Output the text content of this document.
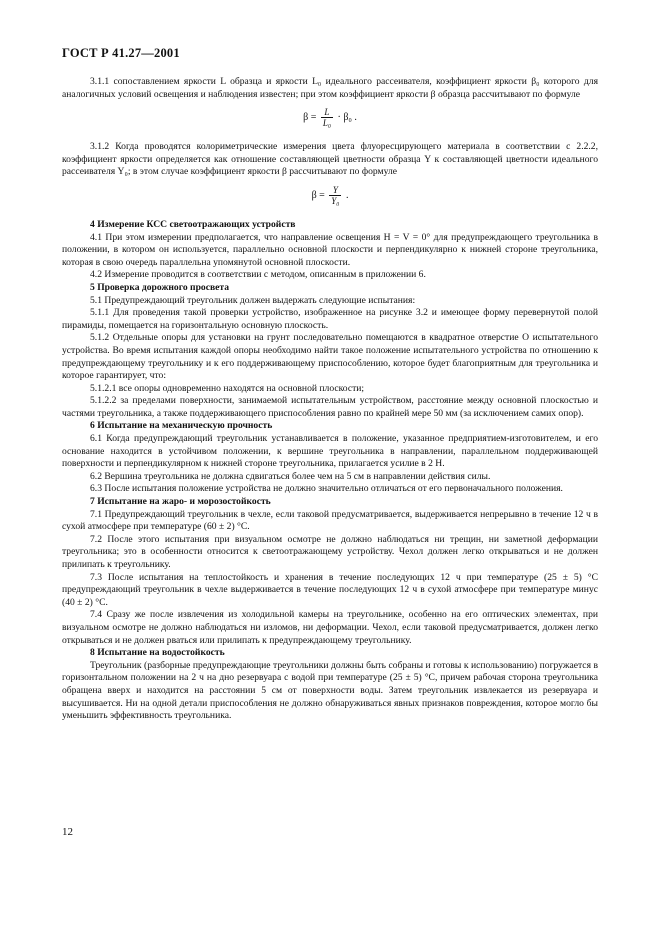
ГОСТ Р 41.27—2001

3.1.1 сопоставлением яркости L образца и яркости L₀ идеального рассеивателя, коэффициент яркости β₀ которого для аналогичных условий освещения и наблюдения известен; при этом коэффициент яркости β образца рассчитывают по формуле

$\beta = \frac{L}{\text{L₀}} \cdot \beta_0$ .

3.1.2 Когда проводятся колориметрические измерения цвета флуоресцирующего материала в соответствии с 2.2.2, коэффициент яркости определяется как отношение составляющей цветности образца Y к составляющей цветности идеального рассеивателя Y₀; в этом случае коэффициент яркости β рассчитывают по формуле

$\beta = \frac{Y}{\text{Y₀}}$ .

4 Измерение КСС светоотражающих устройств

4.1 При этом измерении предполагается, что направление освещения H = V = 0° для предупреждающего треугольника в положении, в котором он используется, параллельно основной плоскости и перпендикулярно к нижней стороне треугольника, которая в свою очередь параллельна упомянутой основной плоскости.

4.2 Измерение проводится в соответствии с методом, описанным в приложении 6.

5 Проверка дорожного просвета

5.1 Предупреждающий треугольник должен выдержать следующие испытания:

5.1.1 Для проведения такой проверки устройство, изображенное на рисунке 3.2 и имеющее форму перевернутой полой пирамиды, помещается на горизонтальную основную плоскость.

5.1.2 Отдельные опоры для установки на грунт последовательно помещаются в квадратное отверстие O испытательного устройства. Во время испытания каждой опоры необходимо найти такое положение испытательного устройства по отношению к предупреждающему треугольнику и к его поддерживающему приспособлению, которое будет благоприятным для треугольника и которое гарантирует, что:

5.1.2.1 все опоры одновременно находятся на основной плоскости;

5.1.2.2 за пределами поверхности, занимаемой испытательным устройством, расстояние между основной плоскостью и частями треугольника, а также поддерживающего приспособления равно по крайней мере 50 мм (за исключением самих опор).

6 Испытание на механическую прочность

6.1 Когда предупреждающий треугольник устанавливается в положение, указанное предприятием-изготовителем, и его основание находится в устойчивом положении, к вершине треугольника в направлении, параллельном поддерживающей поверхности и перпендикулярном к нижней стороне треугольника, прилагается усилие в 2 Н.

6.2 Вершина треугольника не должна сдвигаться более чем на 5 см в направлении действия силы.

6.3 После испытания положение устройства не должно значительно отличаться от его первоначального положения.

7 Испытание на жаро- и морозостойкость

7.1 Предупреждающий треугольник в чехле, если таковой предусматривается, выдерживается непрерывно в течение 12 ч в сухой атмосфере при температуре (60 ± 2) °С.

7.2 После этого испытания при визуальном осмотре не должно наблюдаться ни трещин, ни заметной деформации треугольника; это в особенности относится к светоотражающему устройству. Чехол должен легко открываться и не должен прилипать к треугольнику.

7.3 После испытания на теплостойкость и хранения в течение последующих 12 ч при температуре (25 ± 5) °С предупреждающий треугольник в чехле выдерживается в течение последующих 12 ч в сухой атмосфере при температуре минус (40 ± 2) °С.

7.4 Сразу же после извлечения из холодильной камеры на треугольнике, особенно на его оптических элементах, при визуальном осмотре не должно наблюдаться ни изломов, ни деформации. Чехол, если таковой предусматривается, должен легко открываться и не должен рваться или прилипать к предупреждающему треугольнику.

8 Испытание на водостойкость

Треугольник (разборные предупреждающие треугольники должны быть собраны и готовы к использованию) погружается в горизонтальном положении на 2 ч на дно резервуара с водой при температуре (25 ± 5) °С, причем рабочая сторона треугольника обращена вверх и находится на расстоянии 5 см от поверхности воды. Затем треугольник извлекается из резервуара и высушивается. Ни на одной детали приспособления не должно обнаруживаться явных признаков повреждения, которое могло бы уменьшить эффективность треугольника.

12
